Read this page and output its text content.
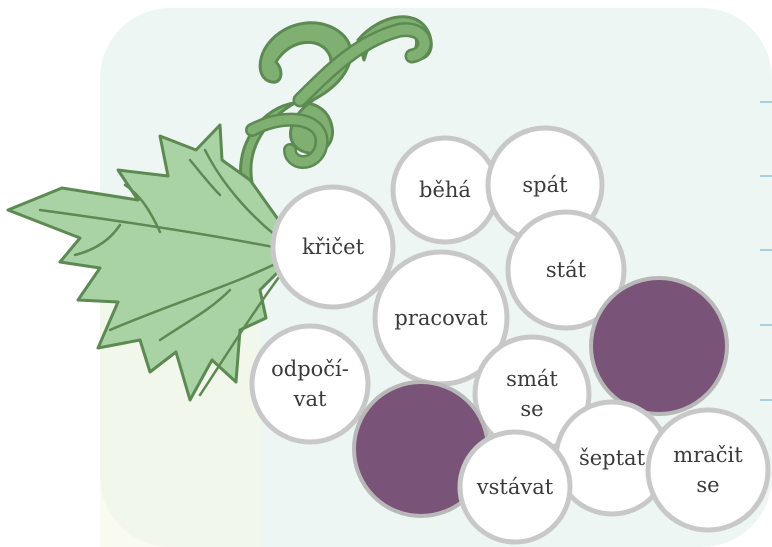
běhá spát
křičet
stát
pracovat
odpočí-
vat
smát
se
šeptat mračit
se
vstávat
